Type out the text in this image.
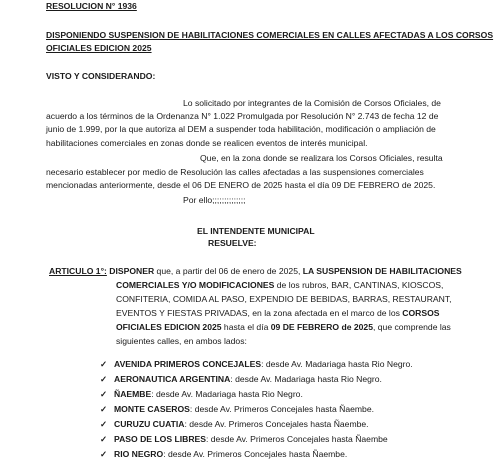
RESOLUCION N° 1936
DISPONIENDO SUSPENSION DE HABILITACIONES COMERCIALES EN CALLES AFECTADAS A LOS CORSOS
OFICIALES EDICION 2025
VISTO Y CONSIDERANDO:
Lo solicitado por integrantes de la Comisión de Corsos Oficiales, de
acuerdo a los términos de la Ordenanza N° 1.022 Promulgada por Resolución N° 2.743 de fecha 12 de
junio de 1.999, por la que autoriza al DEM a suspender toda habilitación, modificación o ampliación de
habilitaciones comerciales en zonas donde se realicen eventos de interés municipal.
Que, en la zona donde se realizara los Corsos Oficiales, resulta
necesario establecer por medio de Resolución las calles afectadas a las suspensiones comerciales
mencionadas anteriormente, desde el 06 DE ENERO de 2025 hasta el día 09 DE FEBRERO de 2025.
Por ello;;;;;;;;;;;;;;
EL INTENDENTE MUNICIPAL
RESUELVE:
ARTICULO 1°: DISPONER que, a partir del 06 de enero de 2025, LA SUSPENSION DE HABILITACIONES
COMERCIALES Y/O MODIFICACIONES de los rubros, BAR, CANTINAS, KIOSCOS,
CONFITERIA, COMIDA AL PASO, EXPENDIO DE BEBIDAS, BARRAS, RESTAURANT,
EVENTOS Y FIESTAS PRIVADAS, en la zona afectada en el marco de los CORSOS
OFICIALES EDICION 2025 hasta el día 09 DE FEBRERO de 2025, que comprende las
siguientes calles, en ambos lados:
✓ AVENIDA PRIMEROS CONCEJALES: desde Av. Madariaga hasta Rio Negro.
✓ AERONAUTICA ARGENTINA: desde Av. Madariaga hasta Rio Negro.
✓ ÑAEMBE: desde Av. Madariaga hasta Rio Negro.
✓ MONTE CASEROS: desde Av. Primeros Concejales hasta Ñaembe.
✓ CURUZU CUATIA: desde Av. Primeros Concejales hasta Ñaembe.
✓ PASO DE LOS LIBRES: desde Av. Primeros Concejales hasta Ñaembe
✓ RIO NEGRO: desde Av. Primeros Concejales hasta Ñaembe.
